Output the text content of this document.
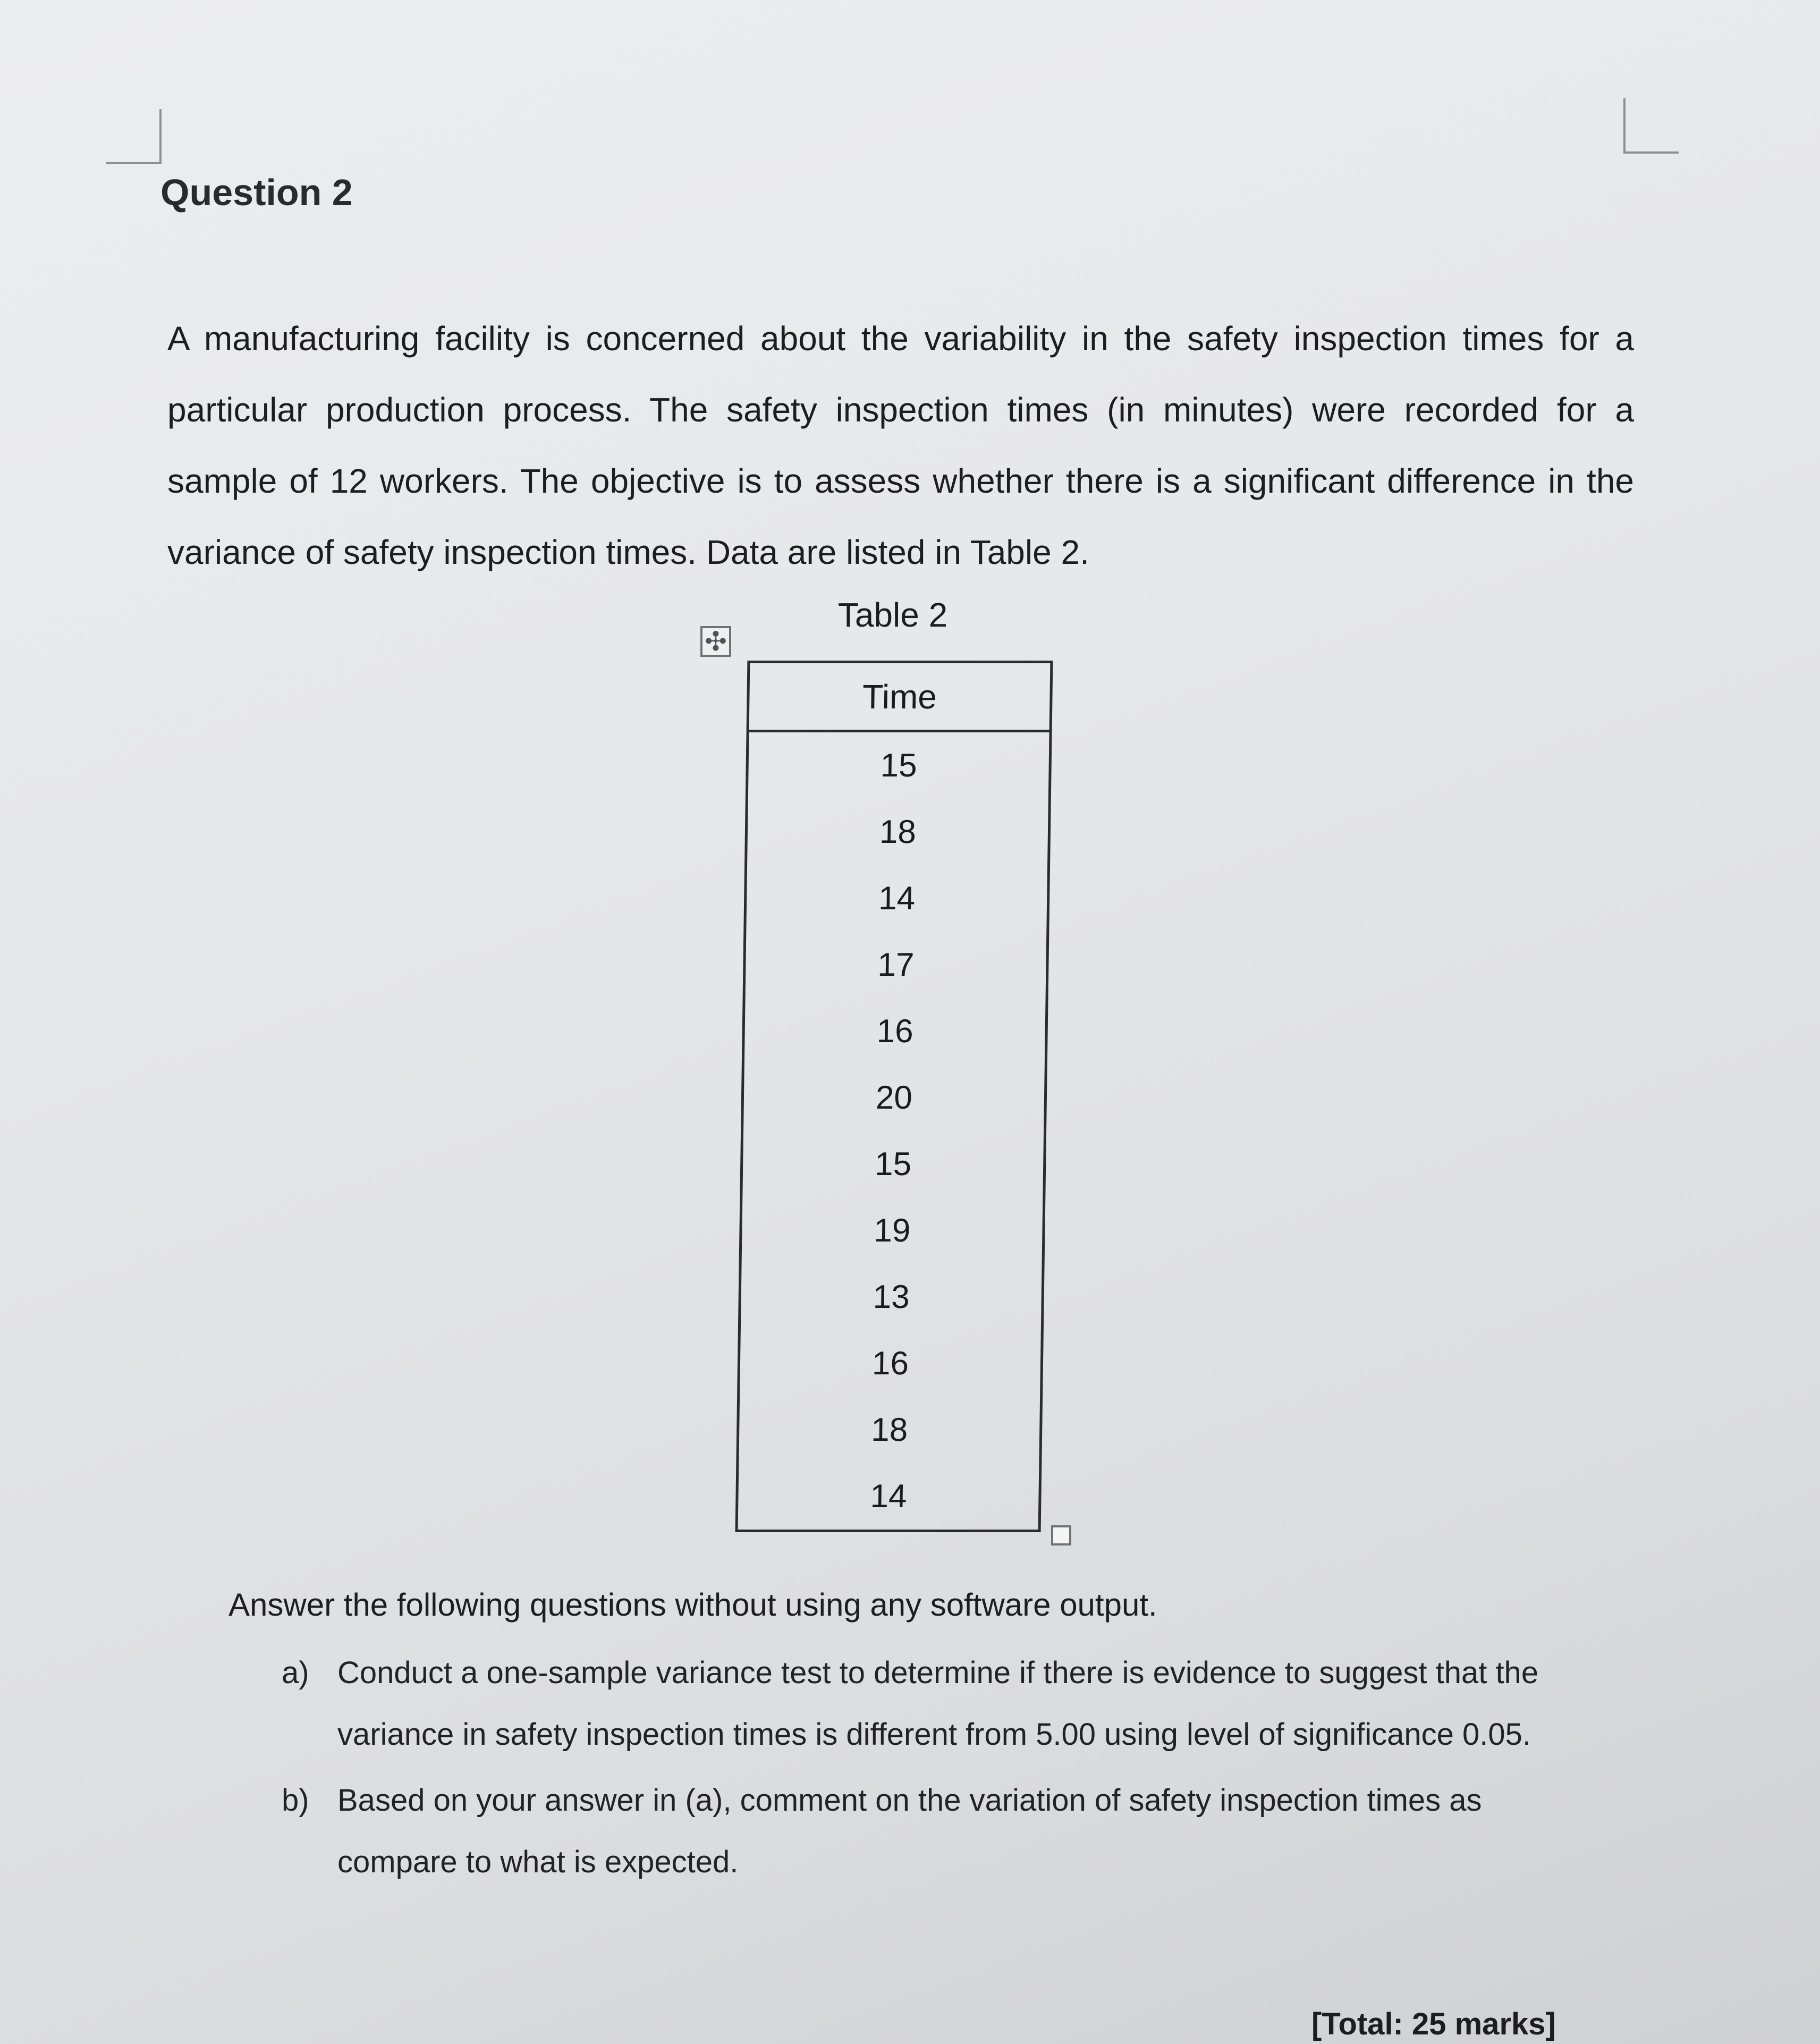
Question 2

A manufacturing facility is concerned about the variability in the safety inspection times for a particular production process. The safety inspection times (in minutes) were recorded for a sample of 12 workers. The objective is to assess whether there is a significant difference in the variance of safety inspection times. Data are listed in Table 2.

Table 2
✣
Time
15
18
14
17
16
20
15
19
13
16
18
14
Answer the following questions without using any software output.
a) Conduct a one-sample variance test to determine if there is evidence to suggest that the variance in safety inspection times is different from 5.00 using level of significance 0.05.
b) Based on your answer in (a), comment on the variation of safety inspection times as compare to what is expected.
[Total: 25 marks]
